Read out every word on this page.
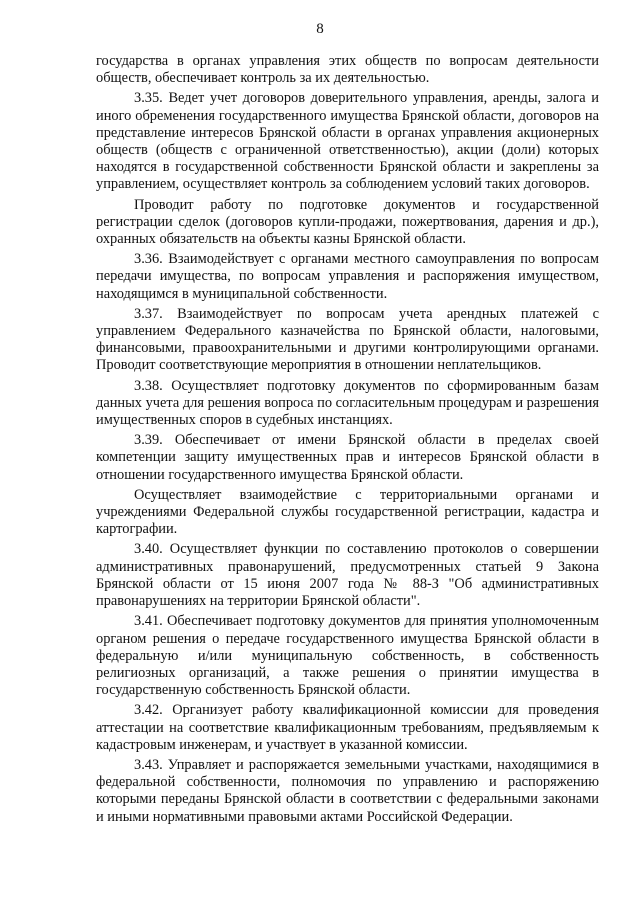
8

государства в органах управления этих обществ по вопросам деятельности обществ, обеспечивает контроль за их деятельностью.

3.35. Ведет учет договоров доверительного управления, аренды, залога и иного обременения государственного имущества Брянской области, договоров на представление интересов Брянской области в органах управления акционерных обществ (обществ с ограниченной ответственностью), акции (доли) которых находятся в государственной собственности Брянской области и закреплены за управлением, осуществляет контроль за соблюдением условий таких договоров.

Проводит работу по подготовке документов и государственной регистрации сделок (договоров купли-продажи, пожертвования, дарения и др.), охранных обязательств на объекты казны Брянской области.

3.36. Взаимодействует с органами местного самоуправления по вопросам передачи имущества, по вопросам управления и распоряжения имуществом, находящимся в муниципальной собственности.

3.37. Взаимодействует по вопросам учета арендных платежей с управлением Федерального казначейства по Брянской области, налоговыми, финансовыми, правоохранительными и другими контролирующими органами. Проводит соответствующие мероприятия в отношении неплательщиков.

3.38. Осуществляет подготовку документов по сформированным базам данных учета для решения вопроса по согласительным процедурам и разрешения имущественных споров в судебных инстанциях.

3.39. Обеспечивает от имени Брянской области в пределах своей компетенции защиту имущественных прав и интересов Брянской области в отношении государственного имущества Брянской области.

Осуществляет взаимодействие с территориальными органами и учреждениями Федеральной службы государственной регистрации, кадастра и картографии.

3.40. Осуществляет функции по составлению протоколов о совершении административных правонарушений, предусмотренных статьей 9 Закона Брянской области от 15 июня 2007 года № 88-З "Об административных правонарушениях на территории Брянской области".

3.41. Обеспечивает подготовку документов для принятия уполномоченным органом решения о передаче государственного имущества Брянской области в федеральную и/или муниципальную собственность, в собственность религиозных организаций, а также решения о принятии имущества в государственную собственность Брянской области.

3.42. Организует работу квалификационной комиссии для проведения аттестации на соответствие квалификационным требованиям, предъявляемым к кадастровым инженерам, и участвует в указанной комиссии.

3.43. Управляет и распоряжается земельными участками, находящимися в федеральной собственности, полномочия по управлению и распоряжению которыми переданы Брянской области в соответствии с федеральными законами и иными нормативными правовыми актами Российской Федерации.
